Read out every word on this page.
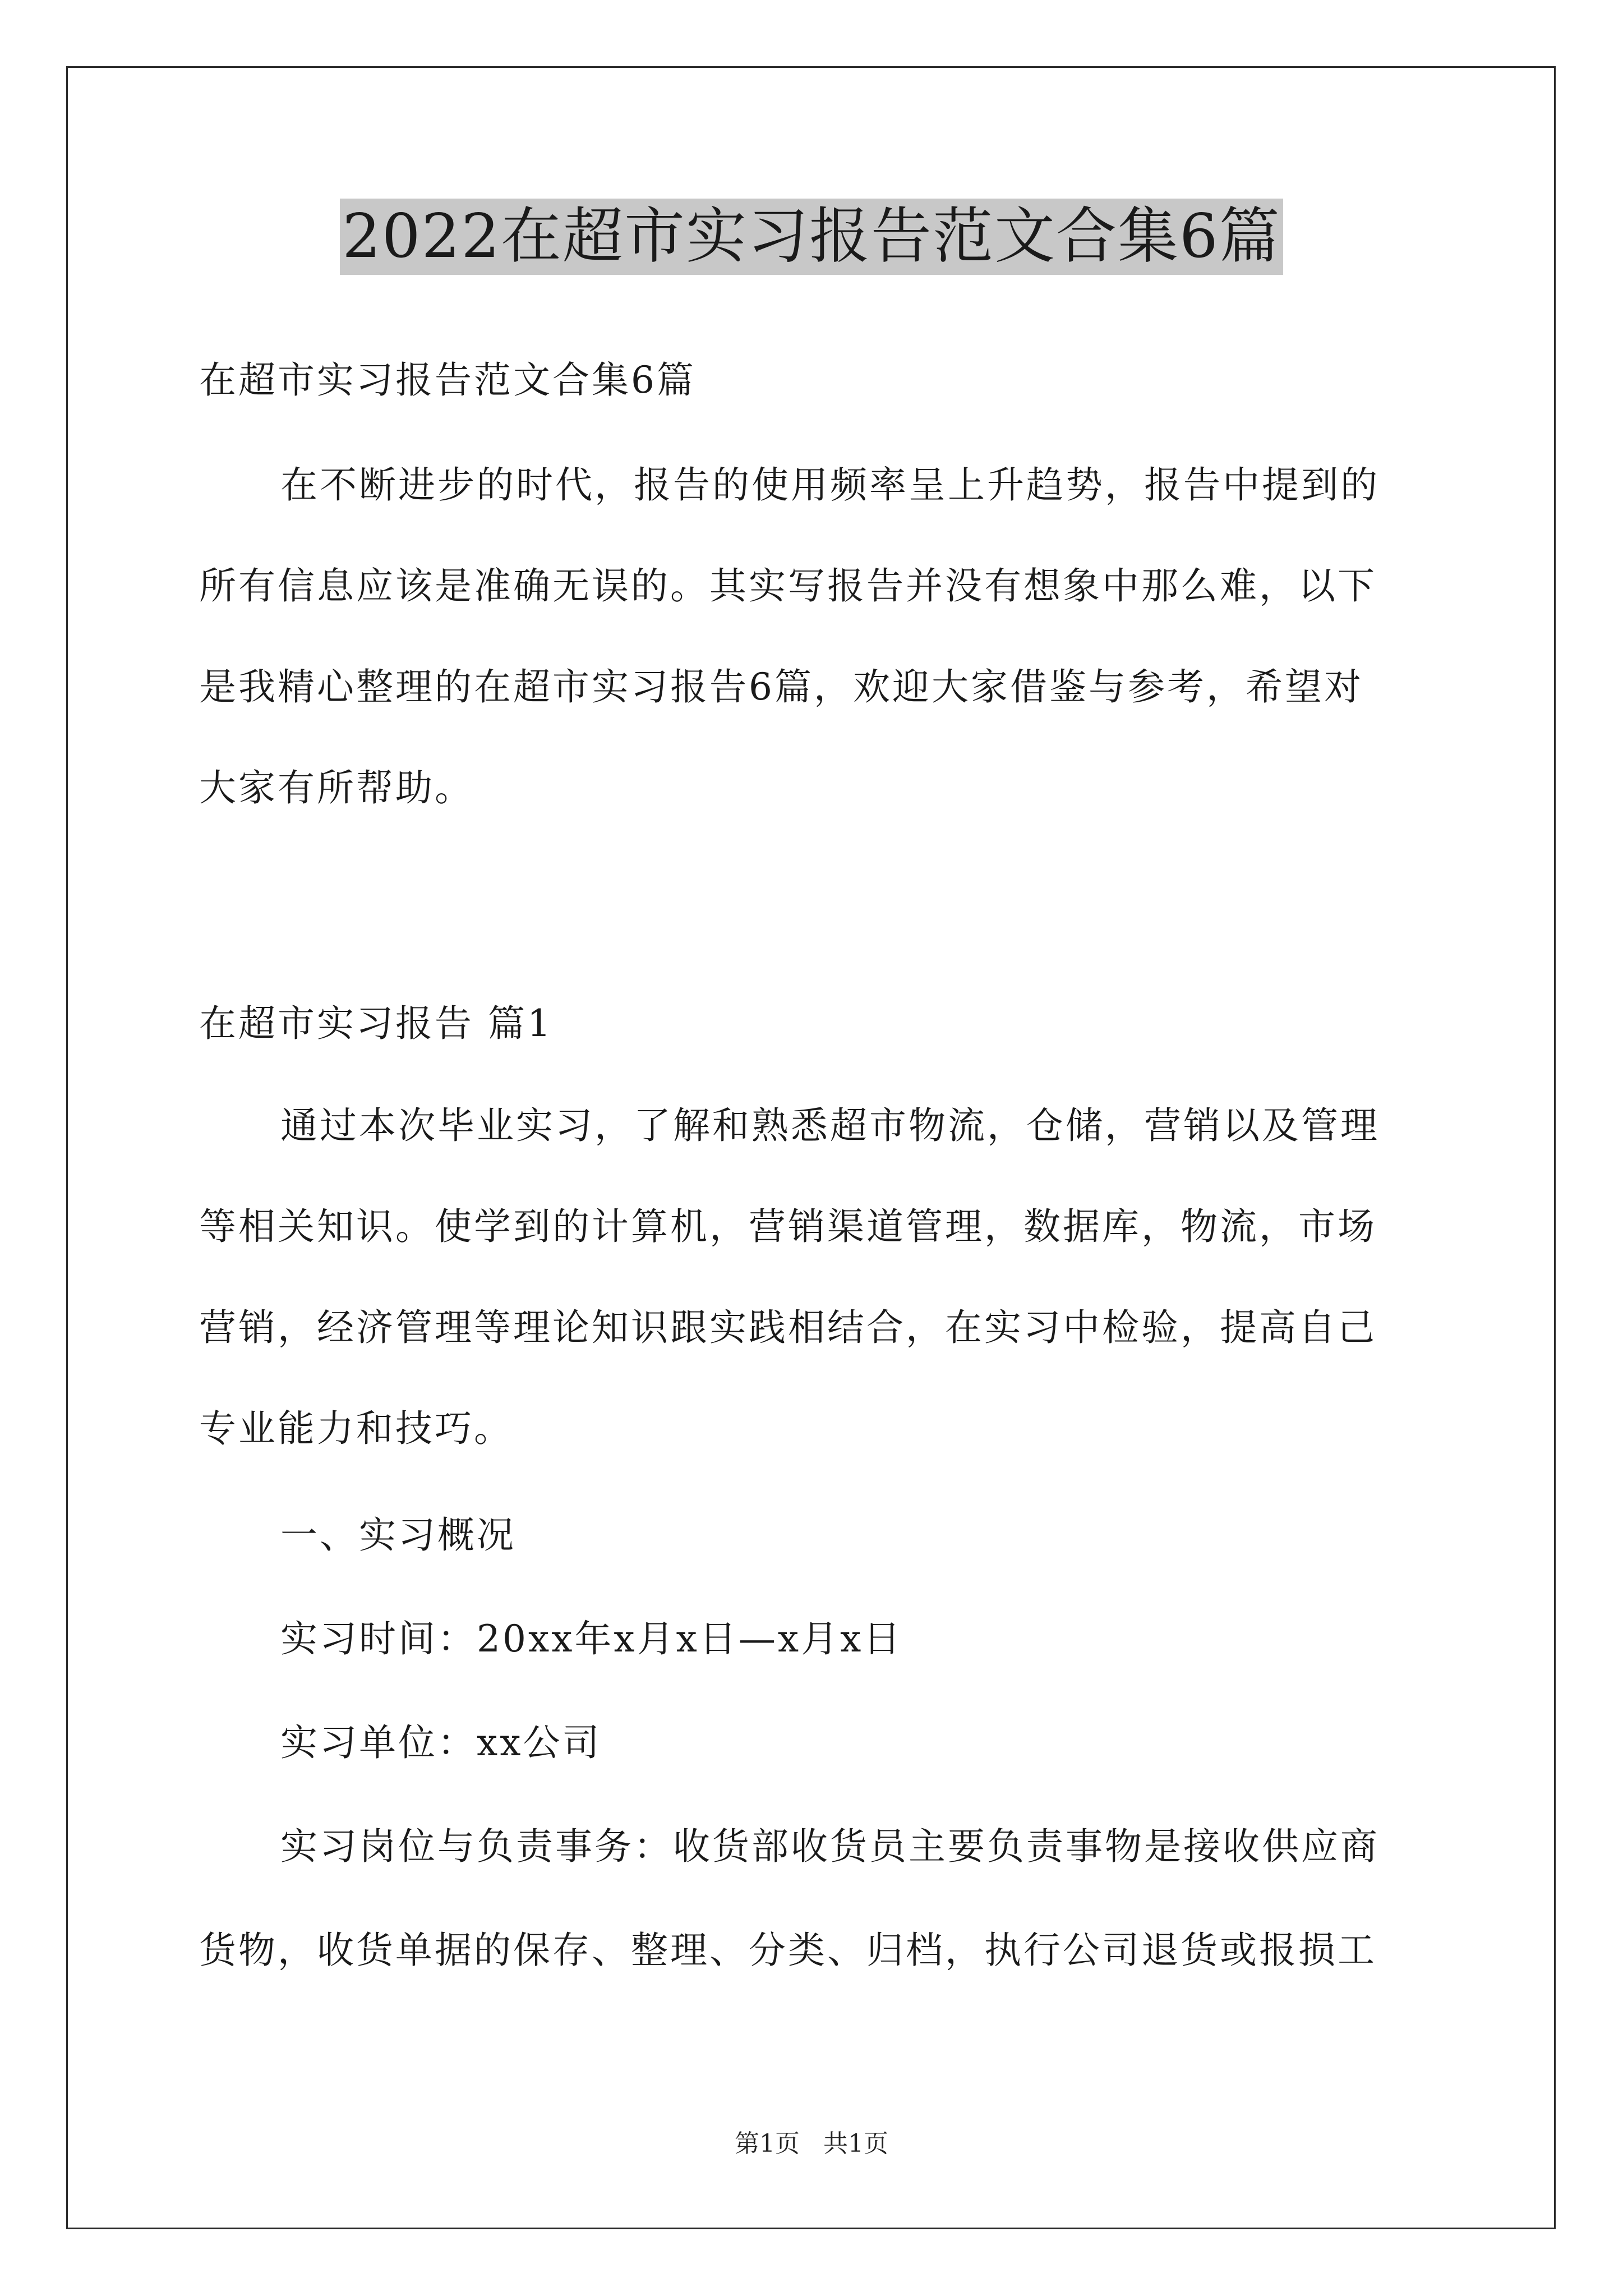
2022在超市实习报告范文合集6篇
在超市实习报告范文合集6篇
在不断进步的时代，报告的使用频率呈上升趋势，报告中提到的
所有信息应该是准确无误的。其实写报告并没有想象中那么难，以下
是我精心整理的在超市实习报告6篇，欢迎大家借鉴与参考，希望对
大家有所帮助。
在超市实习报告 篇1
通过本次毕业实习，了解和熟悉超市物流，仓储，营销以及管理
等相关知识。使学到的计算机，营销渠道管理，数据库，物流，市场
营销，经济管理等理论知识跟实践相结合，在实习中检验，提高自己
专业能力和技巧。
一、实习概况
实习时间：20xx年x月x日—x月x日
实习单位：xx公司
实习岗位与负责事务：收货部收货员主要负责事物是接收供应商
货物，收货单据的保存、整理、分类、归档，执行公司退货或报损工
第1页 共1页
